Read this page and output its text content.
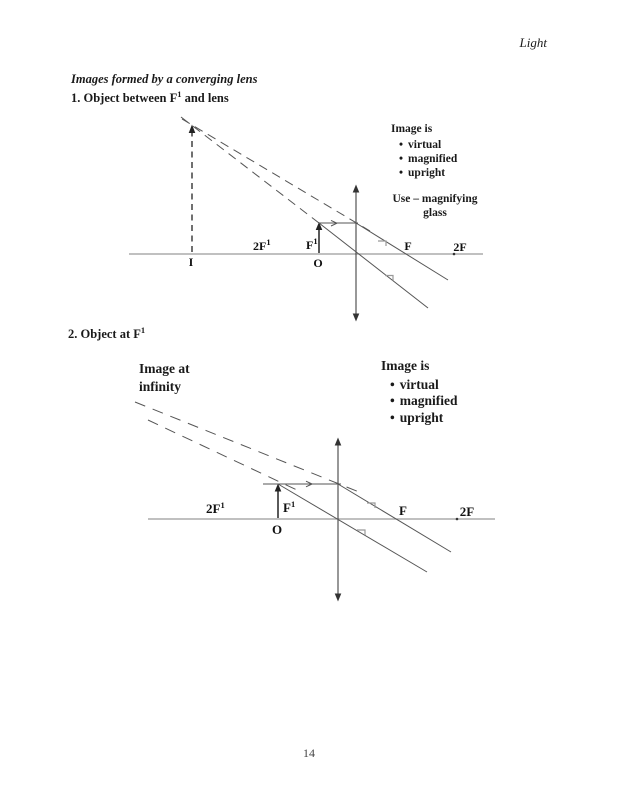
Light
Images formed by a converging lens
1. Object between $F^1$ and lens
I
$2F^1$	$F^1$
O
F	2F
Image is
• virtual
• magnified
• upright
Use – magnifying
glass
2. Object at $F^1$
Image at
infinity
Image is
• virtual
• magnified
• upright
$2F^1$	$F^1$
O
F	2F
14
